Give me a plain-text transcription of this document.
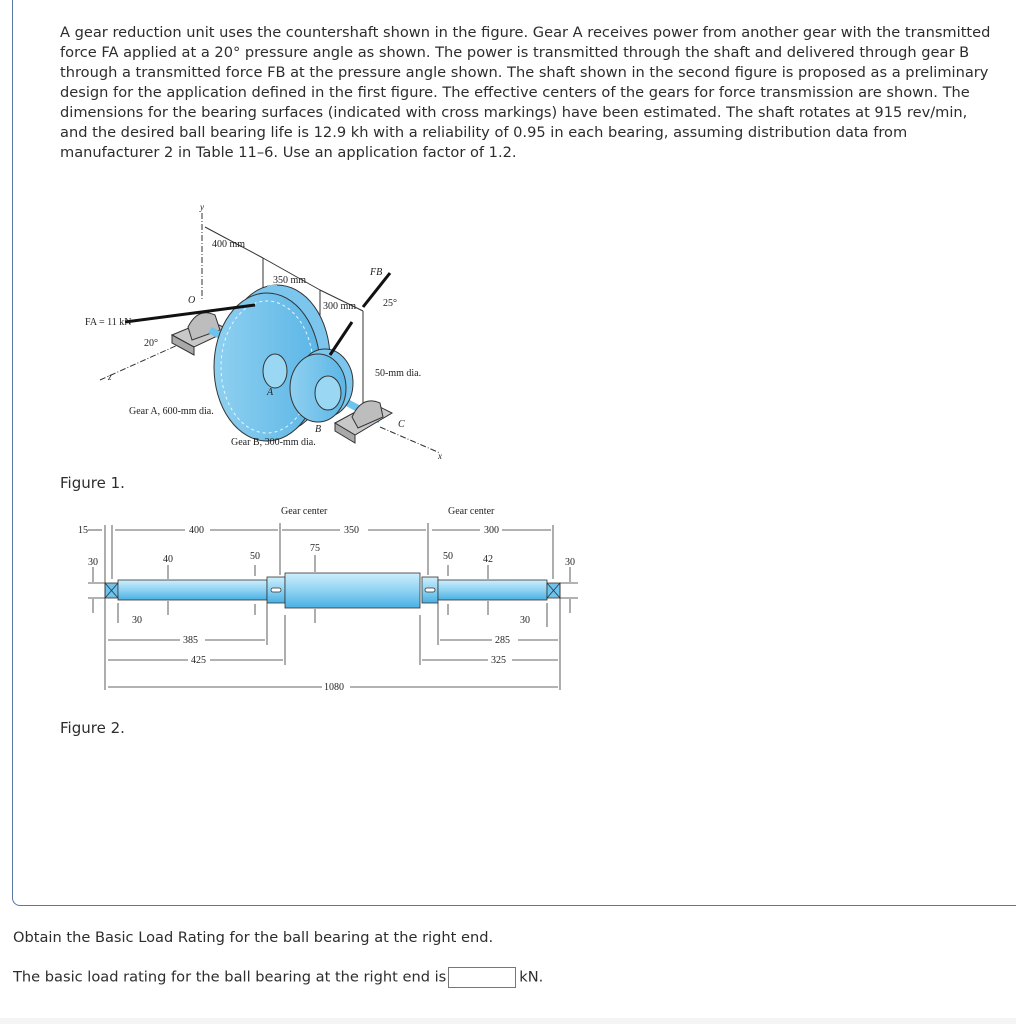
A gear reduction unit uses the countershaft shown in the figure. Gear A receives power from another gear with the transmitted force FA applied at a 20° pressure angle as shown. The power is transmitted through the shaft and delivered through gear B through a transmitted force FB at the pressure angle shown. The shaft shown in the second figure is proposed as a preliminary design for the application defined in the first figure. The effective centers of the gears for force transmission are shown. The dimensions for the bearing surfaces (indicated with cross markings) have been estimated. The shaft rotates at 915 rev/min, and the desired ball bearing life is 12.9 kh with a reliability of 0.95 in each bearing, assuming distribution data from manufacturer 2 in Table 11–6. Use an application factor of 1.2.

y
400 mm
350 mm
300 mm
FB
25°
O
FA = 11 kN
20°
z	50-mm dia.
Gear A, 600-mm dia.
A
B	C
Gear B, 300-mm dia.
x
Figure 1.
Gear center	Gear center
15	400	350	300
30	40	50
75
50	42	30
30	30
385
425
285
325
1080
Figure 2.
Obtain the Basic Load Rating for the ball bearing at the right end.
The basic load rating for the ball bearing at the right end is	kN.
